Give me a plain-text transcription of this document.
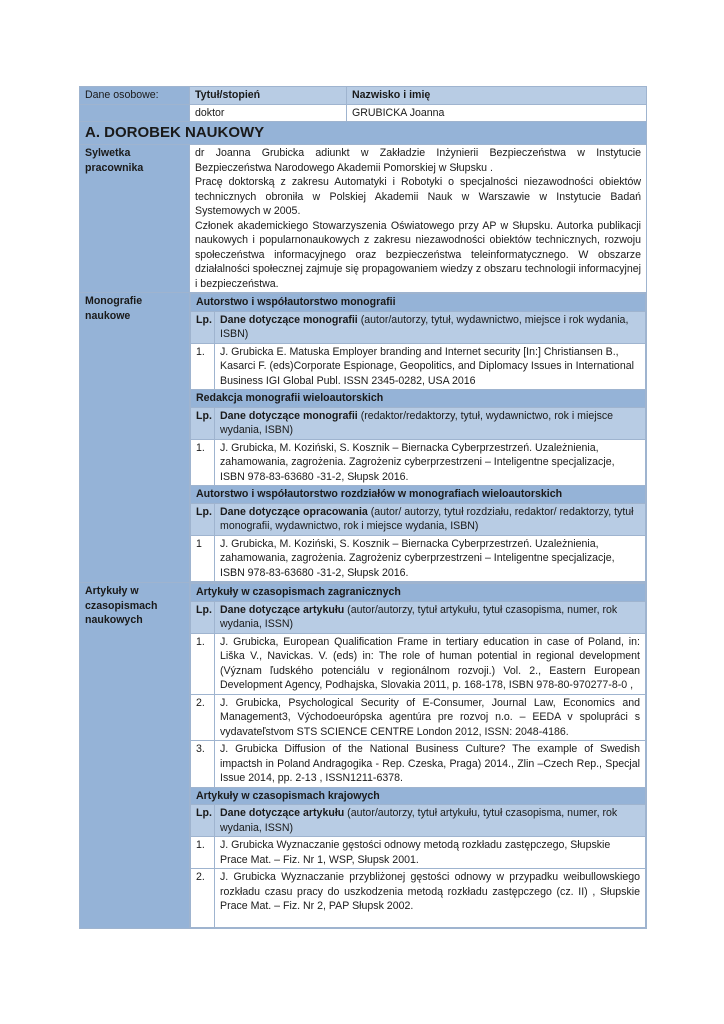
Dane osobowe:	Tytuł/stopień	Nazwisko i imię
	doktor	GRUBICKA Joanna
A. DOROBEK NAUKOWY
Sylwetka pracownika	

dr Joanna Grubicka adiunkt w Zakładzie Inżynierii Bezpieczeństwa w Instytucie Bezpieczeństwa Narodowego Akademii Pomorskiej w Słupsku .

Pracę doktorską z zakresu Automatyki i Robotyki o specjalności niezawodności obiektów technicznych obroniła w Polskiej Akademii Nauk w Warszawie w Instytucie Badań Systemowych w 2005.

Członek akademickiego Stowarzyszenia Oświatowego przy AP w Słupsku. Autorka publikacji naukowych i popularnonaukowych z zakresu niezawodności obiektów technicznych, rozwoju społeczeństwa informacyjnego oraz bezpieczeństwa teleinformatycznego. W obszarze działalności społecznej zajmuje się propagowaniem wiedzy z obszaru technologii informacyjnej i bezpieczeństwa.

Monografie naukowe	
Autorstwo i współautorstwo monografii
Lp.	Dane dotyczące monografii (autor/autorzy, tytuł, wydawnictwo, miejsce i rok wydania, ISBN)
1.	J. Grubicka E. Matuska Employer branding and Internet security [In:] Christiansen B., Kasarci F. (eds)Corporate Espionage, Geopolitics, and Diplomacy Issues in International Business IGI Global Publ. ISSN 2345-0282, USA 2016
Redakcja monografii wieloautorskich
Lp.	Dane dotyczące monografii (redaktor/redaktorzy, tytuł, wydawnictwo, rok i miejsce wydania, ISBN)
1.	J. Grubicka, M. Koziński, S. Kosznik – Biernacka Cyberprzestrzeń. Uzależnienia, zahamowania, zagrożenia. Zagrożeniz cyberprzestrzeni – Inteligentne specjalizacje, ISBN 978-83-63680 -31-2, Słupsk 2016.
Autorstwo i współautorstwo rozdziałów w monografiach wieloautorskich
Lp.	Dane dotyczące opracowania (autor/ autorzy, tytuł rozdziału, redaktor/ redaktorzy, tytuł monografii, wydawnictwo, rok i miejsce wydania, ISBN)
1	J. Grubicka, M. Koziński, S. Kosznik – Biernacka Cyberprzestrzeń. Uzależnienia, zahamowania, zagrożenia. Zagrożeniz cyberprzestrzeni – Inteligentne specjalizacje, ISBN 978-83-63680 -31-2, Słupsk 2016.

Artykuły w czasopismach naukowych	
Artykuły w czasopismach zagranicznych
Lp.	Dane dotyczące artykułu (autor/autorzy, tytuł artykułu, tytuł czasopisma, numer, rok wydania, ISSN)
1.	J. Grubicka, European Qualification Frame in tertiary education in case of Poland, in: Liška V., Navickas. V. (eds) in: The role of human potential in regional development (Význam ľudského potenciálu v regionálnom rozvoji.) Vol. 2., Eastern European Development Agency, Podhajska, Slovakia 2011, p. 168-178, ISBN 978-80-970277-8-0 ,
2.	J. Grubicka, Psychological Security of E-Consumer, Journal Law, Economics and Management3, Východoeurópska agentúra pre rozvoj n.o. – EEDA v spolupráci s vydavateľstvom STS SCIENCE CENTRE London 2012, ISSN: 2048-4186.
3.	J. Grubicka Diffusion of the National Business Culture? The example of Swedish impactsh in Poland Andragogika - Rep. Czeska, Praga) 2014., Zlin –Czech Rep., Specjal Issue 2014, pp. 2-13 , ISSN1211-6378.
Artykuły w czasopismach krajowych
Lp.	Dane dotyczące artykułu (autor/autorzy, tytuł artykułu, tytuł czasopisma, numer, rok wydania, ISSN)
1.	J. Grubicka Wyznaczanie gęstości odnowy metodą rozkładu zastępczego, Słupskie Prace Mat. – Fiz. Nr 1, WSP, Słupsk 2001.
2.	J. Grubicka Wyznaczanie przybliżonej gęstości odnowy w przypadku weibullowskiego rozkładu czasu pracy do uszkodzenia metodą rozkładu zastępczego (cz. II) , Słupskie Prace Mat. – Fiz. Nr 2, PAP Słupsk 2002.
